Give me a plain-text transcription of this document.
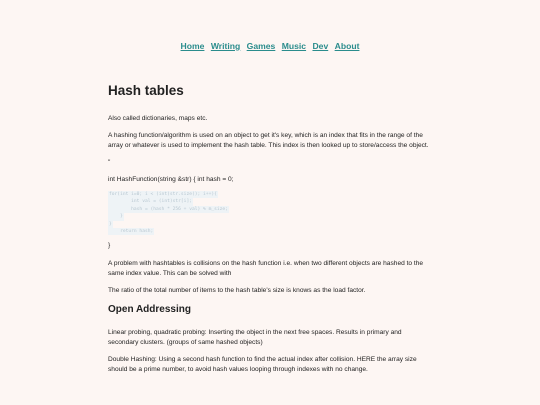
Home Writing Games Music Dev About
Hash tables

Also called dictionaries, maps etc.

A hashing function/algorithm is used on an object to get it's key, which is an index that fits in the range of the array or whatever is used to implement the hash table. This index is then looked up to store/access the object.

"

int HashFunction(string &str) { int hash = 0;

for(int i=0; i < (int)str.size(); i++){
int val = (int)str[i];
hash = (hash * 256 + val) % m_size;
}
}
return hash;

}

A problem with hashtables is collisions on the hash function i.e. when two different objects are hashed to the same index value. This can be solved with

The ratio of the total number of items to the hash table's size is knows as the load factor.

Open Addressing

Linear probing, quadratic probing: Inserting the object in the next free spaces. Results in primary and secondary clusters. (groups of same hashed objects)

Double Hashing: Using a second hash function to find the actual index after collision. HERE the array size should be a prime number, to avoid hash values looping through indexes with no change.
